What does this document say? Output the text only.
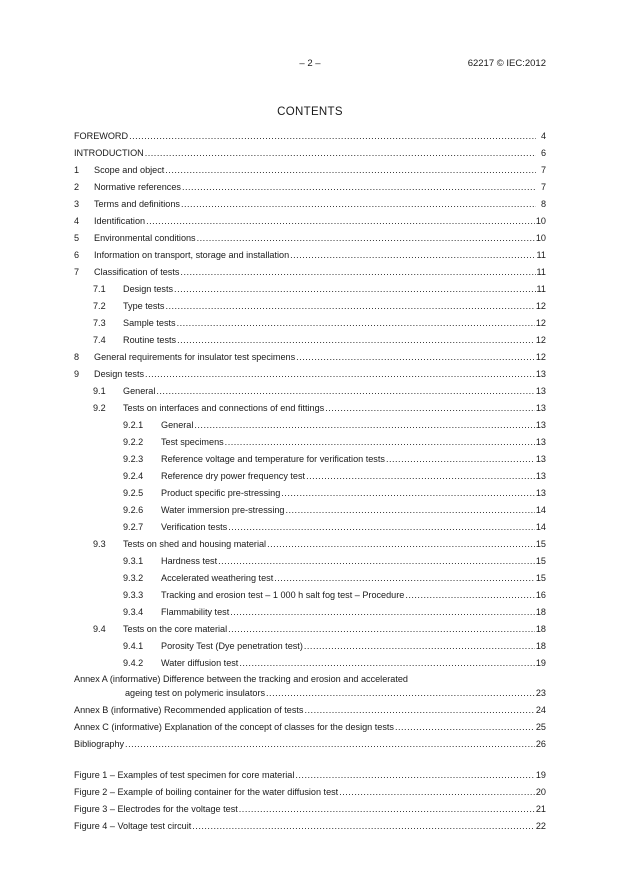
– 2 –	62217 © IEC:2012
CONTENTS
FOREWORD .....	4
INTRODUCTION .....	6
1	Scope and object .....	7
2	Normative references .....	7
3	Terms and definitions .....	8
4	Identification .....	10
5	Environmental conditions .....	10
6	Information on transport, storage and installation .....	11
7	Classification of tests .....	11
7.1	Design tests .....	11
7.2	Type tests .....	12
7.3	Sample tests .....	12
7.4	Routine tests .....	12
8	General requirements for insulator test specimens .....	12
9	Design tests .....	13
9.1	General .....	13
9.2	Tests on interfaces and connections of end fittings .....	13
9.2.1	General .....	13
9.2.2	Test specimens .....	13
9.2.3	Reference voltage and temperature for verification tests .....	13
9.2.4	Reference dry power frequency test .....	13
9.2.5	Product specific pre-stressing .....	13
9.2.6	Water immersion pre-stressing .....	14
9.2.7	Verification tests .....	14
9.3	Tests on shed and housing material .....	15
9.3.1	Hardness test .....	15
9.3.2	Accelerated weathering test .....	15
9.3.3	Tracking and erosion test – 1 000 h salt fog test – Procedure .....	16
9.3.4	Flammability test .....	18
9.4	Tests on the core material .....	18
9.4.1	Porosity Test (Dye penetration test) .....	18
9.4.2	Water diffusion test .....	19
Annex A (informative) Difference between the tracking and erosion and accelerated
ageing test on polymeric insulators .....	23
Annex B (informative) Recommended application of tests .....	24
Annex C (informative) Explanation of the concept of classes for the design tests .....	25
Bibliography .....	26
Figure 1 – Examples of test specimen for core material .....	19
Figure 2 – Example of boiling container for the water diffusion test .....	20
Figure 3 – Electrodes for the voltage test .....	21
Figure 4 – Voltage test circuit .....	22
